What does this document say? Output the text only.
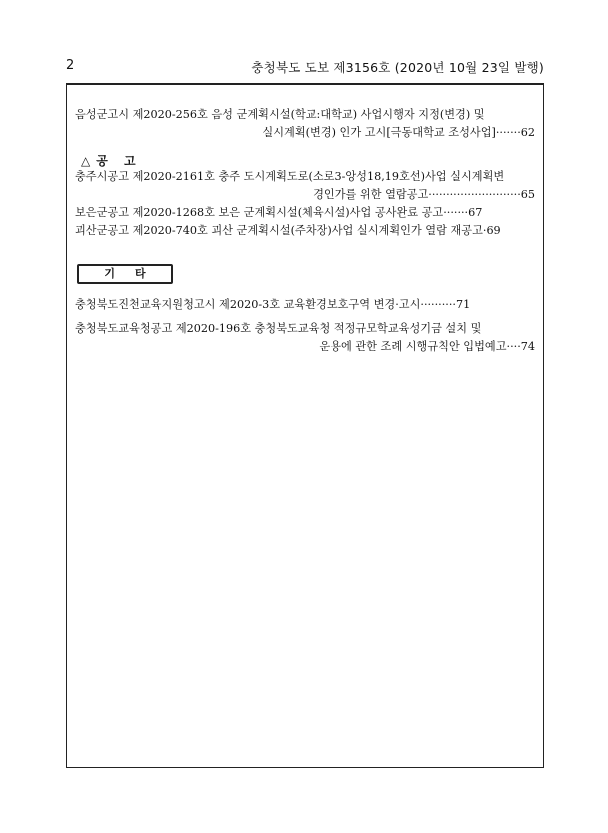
2	충청북도 도보 제3156호 (2020년 10월 23일 발행)
음성군고시 제2020-256호 음성 군계획시설(학교:대학교) 사업시행자 지정(변경) 및
실시계획(변경) 인가 고시[극동대학교 조성사업]·······62
△공 고
충주시공고 제2020-2161호 충주 도시계획도로(소로3-앙성18,19호선)사업 실시계획변
경인가를 위한 열람공고··························65
보은군공고 제2020-1268호 보은 군계획시설(체육시설)사업 공사완료 공고·······67
괴산군공고 제2020-740호 괴산 군계획시설(주차장)사업 실시계획인가 열람 재공고·69
기타
충청북도진천교육지원청고시 제2020-3호 교육환경보호구역 변경·고시··········71
충청북도교육청공고 제2020-196호 충청북도교육청 적정규모학교육성기금 설치 및
운용에 관한 조례 시행규칙안 입법예고····74
